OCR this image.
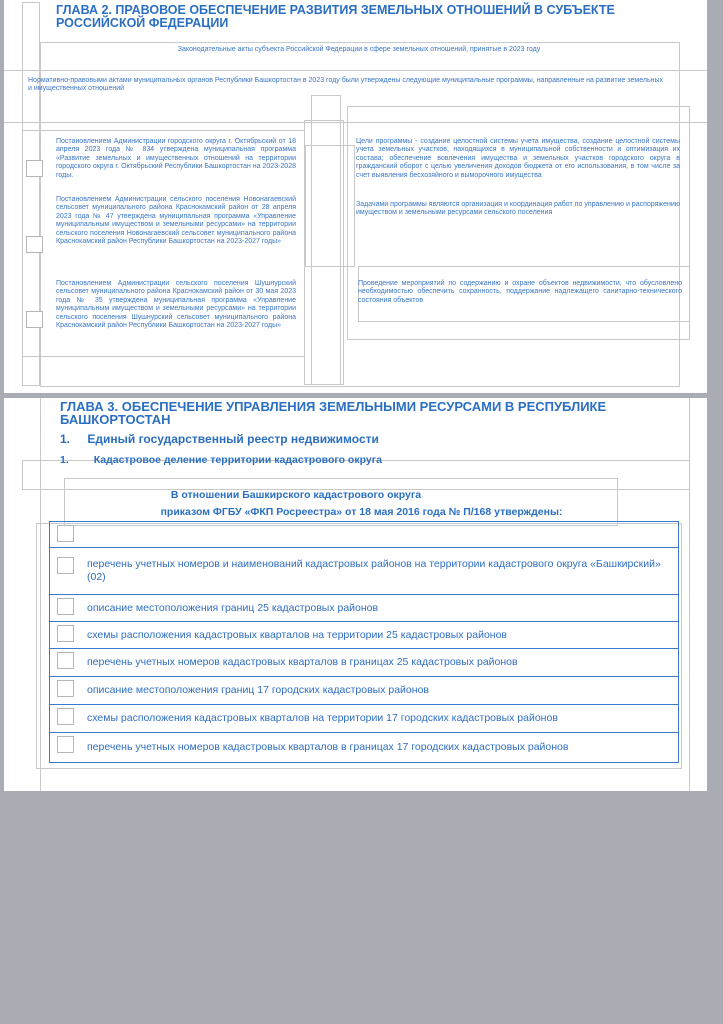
ГЛАВА 2. ПРАВОВОЕ ОБЕСПЕЧЕНИЕ РАЗВИТИЯ ЗЕМЕЛЬНЫХ ОТНОШЕНИЙ В СУБЪЕКТЕ РОССИЙСКОЙ ФЕДЕРАЦИИ
Законодательные акты субъекта Российской Федерации в сфере земельных отношений, принятые в 2023 году
Нормативно-правовыми актами муниципальных органов Республики Башкортостан в 2023 году были утверждены следующие муниципальные программы, направленные на развитие земельных и имущественных отношений
Постановлением Администрации городского округа г. Октябрьский от 18 апреля 2023 года № 834 утверждена муниципальная программа «Развитие земельных и имущественных отношений на территории городского округа г. Октябрьский Республики Башкортостан на 2023-2028 годы.
Постановлением Администрации сельского поселения Новонагаевский сельсовет муниципального района Краснокамский район от 28 апреля 2023 года № 47 утверждена муниципальная программа «Управление муниципальным имуществом и земельными ресурсами» на территории сельского поселения Новонагаевский сельсовет муниципального района Краснокамский район Республики Башкортостан на 2023-2027 годы»
Постановлением Администрации сельского поселения Шушнурский сельсовет муниципального района Краснокамский район от 30 мая 2023 года № 35 утверждена муниципальная программа «Управление муниципальным имуществом и земельными ресурсами» на территории сельского поселения Шушнурский сельсовет муниципального района Краснокамский район Республики Башкортостан на 2023-2027 годы»
Цели программы - создание целостной системы учета имущества, создание целостной системы учета земельных участков, находящихся в муниципальной собственности и оптимизация их состава; обеспечение вовлечения имущества и земельных участков городского округа в гражданский оборот с целью увеличения доходов бюджета от его использования, в том числе за счет выявления бесхозяйного и выморочного имущества
Задачами программы являются организация и координация работ по управлению и распоряжению имуществом и земельными ресурсами сельского поселения
Проведение мероприятий по содержанию и охране объектов недвижимости, что обусловлено необходимостью обеспечить сохранность, поддержание надлежащего санитарно-технического состояния объектов
ГЛАВА 3. ОБЕСПЕЧЕНИЕ УПРАВЛЕНИЯ ЗЕМЕЛЬНЫМИ РЕСУРСАМИ В РЕСПУБЛИКЕ БАШКОРТОСТАН
1. Единый государственный реестр недвижимости
1. Кадастровое деление территории кадастрового округа
В отношении Башкирского кадастрового округа
приказом ФГБУ «ФКП Росреестра» от 18 мая 2016 года № П/168 утверждены:

перечень учетных номеров и наименований кадастровых районов на территории кадастрового округа «Башкирский» (02)

описание местоположения границ 25 кадастровых районов

схемы расположения кадастровых кварталов на территории 25 кадастровых районов

перечень учетных номеров кадастровых кварталов в границах 25 кадастровых районов

описание местоположения границ 17 городских кадастровых районов

схемы расположения кадастровых кварталов на территории 17 городских кадастровых районов

перечень учетных номеров кадастровых кварталов в границах 17 городских кадастровых районов
